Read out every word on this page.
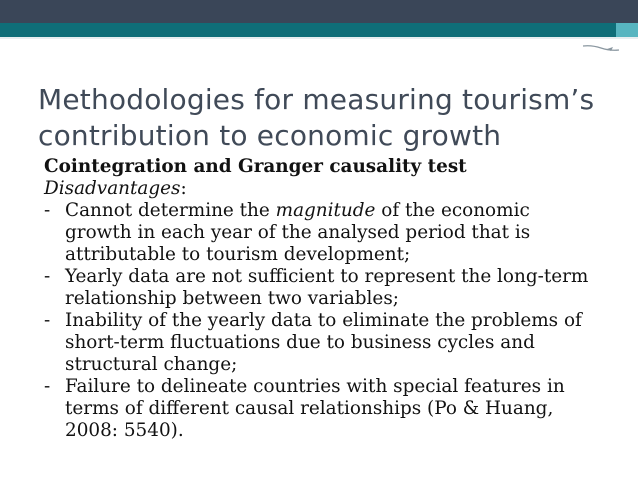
Methodologies for measuring tourism’s
contribution to economic growth

Cointegration and Granger causality test

Disadvantages:

- Cannot determine the magnitude of the economic
growth in each year of the analysed period that is
attributable to tourism development;
- Yearly data are not sufficient to represent the long-term
relationship between two variables;
- Inability of the yearly data to eliminate the problems of
short-term fluctuations due to business cycles and
structural change;
- Failure to delineate countries with special features in
terms of different causal relationships (Po & Huang,
2008: 5540).
